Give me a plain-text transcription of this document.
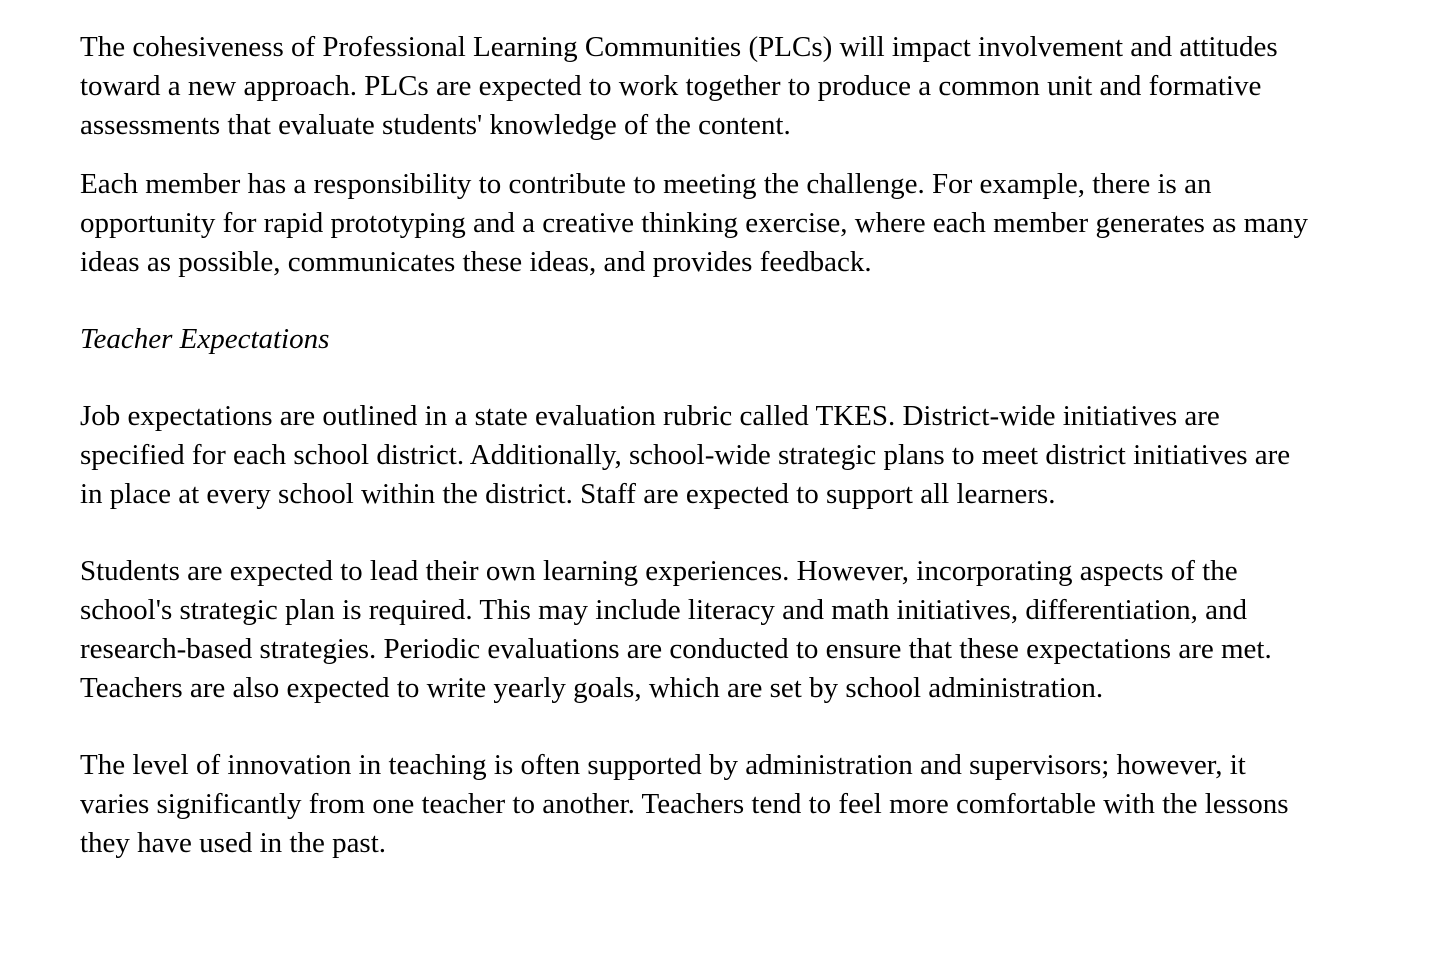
The cohesiveness of Professional Learning Communities (PLCs) will impact involvement and attitudes toward a new approach. PLCs are expected to work together to produce a common unit and formative assessments that evaluate students' knowledge of the content.

Each member has a responsibility to contribute to meeting the challenge. For example, there is an opportunity for rapid prototyping and a creative thinking exercise, where each member generates as many ideas as possible, communicates these ideas, and provides feedback.

Teacher Expectations

Job expectations are outlined in a state evaluation rubric called TKES. District-wide initiatives are specified for each school district. Additionally, school-wide strategic plans to meet district initiatives are in place at every school within the district. Staff are expected to support all learners.

Students are expected to lead their own learning experiences. However, incorporating aspects of the school's strategic plan is required. This may include literacy and math initiatives, differentiation, and research-based strategies. Periodic evaluations are conducted to ensure that these expectations are met. Teachers are also expected to write yearly goals, which are set by school administration.

The level of innovation in teaching is often supported by administration and supervisors; however, it varies significantly from one teacher to another. Teachers tend to feel more comfortable with the lessons they have used in the past.
